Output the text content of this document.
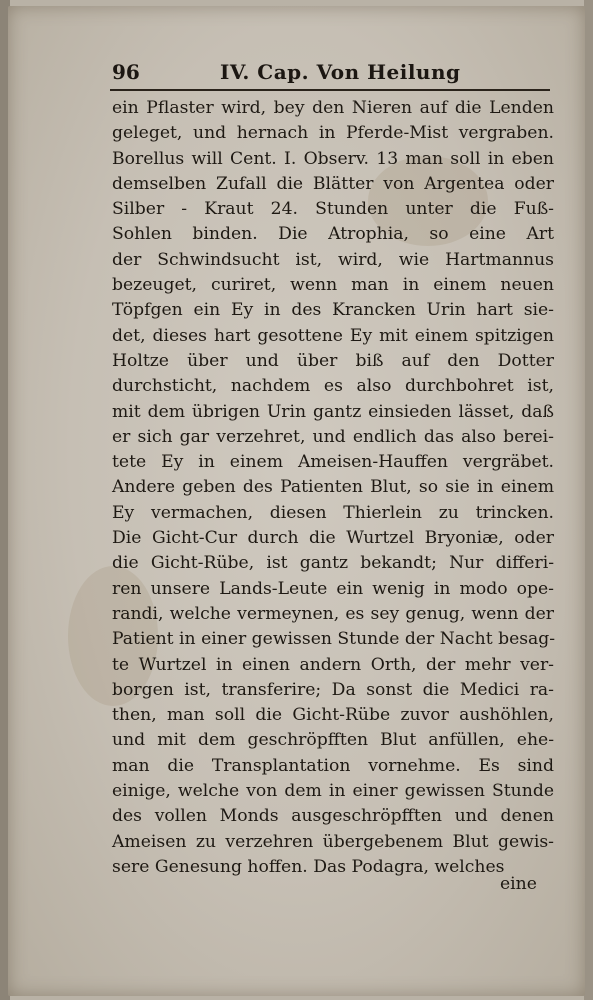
96	IV. Cap. Von Heilung
ein Pflaster wird, bey den Nieren auf die Lenden
geleget, und hernach in Pferde-Mist vergraben.
Borellus will Cent. I. Observ. 13 man soll in eben
demselben Zufall die Blätter von Argentea oder
Silber - Kraut 24. Stunden unter die Fuß-
Sohlen binden. Die Atrophia, so eine Art
der Schwindsucht ist, wird, wie Hartmannus
bezeuget, curiret, wenn man in einem neuen
Töpfgen ein Ey in des Krancken Urin hart sie-
det, dieses hart gesottene Ey mit einem spitzigen
Holtze über und über biß auf den Dotter
durchsticht, nachdem es also durchbohret ist,
mit dem übrigen Urin gantz einsieden lässet, daß
er sich gar verzehret, und endlich das also berei-
tete Ey in einem Ameisen-Hauffen vergräbet.
Andere geben des Patienten Blut, so sie in einem
Ey vermachen, diesen Thierlein zu trincken.
Die Gicht-Cur durch die Wurtzel Bryoniæ, oder
die Gicht-Rübe, ist gantz bekandt; Nur differi-
ren unsere Lands-Leute ein wenig in modo ope-
randi, welche vermeynen, es sey genug, wenn der
Patient in einer gewissen Stunde der Nacht besag-
te Wurtzel in einen andern Orth, der mehr ver-
borgen ist, transferire; Da sonst die Medici ra-
then, man soll die Gicht-Rübe zuvor aushöhlen,
und mit dem geschröpfften Blut anfüllen, ehe-
man die Transplantation vornehme. Es sind
einige, welche von dem in einer gewissen Stunde
des vollen Monds ausgeschröpfften und denen
Ameisen zu verzehren übergebenem Blut gewis-
sere Genesung hoffen. Das Podagra, welches
eine
